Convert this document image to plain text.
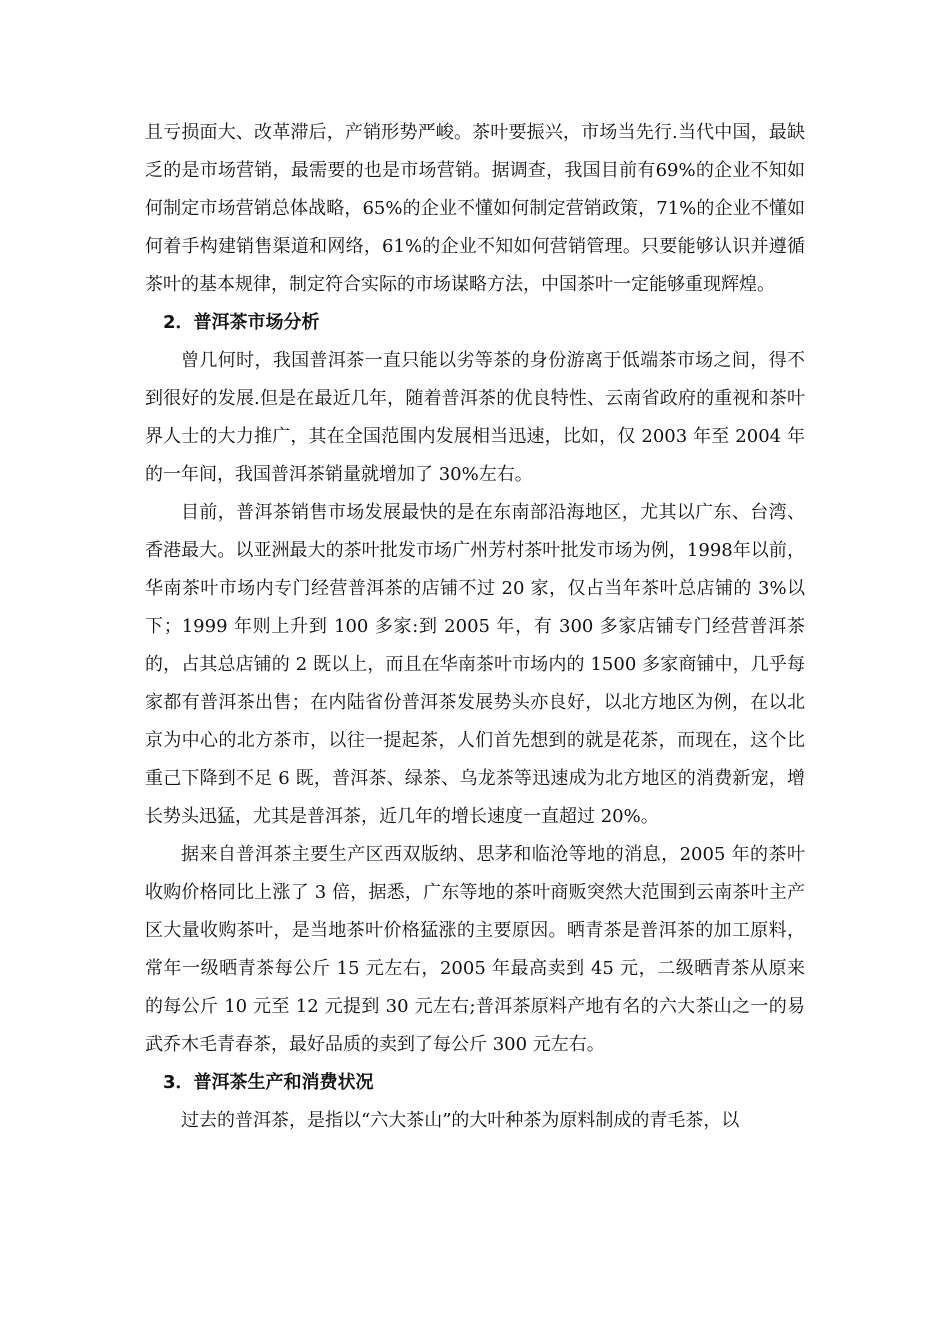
且亏损面大、改革滞后，产销形势严峻。茶叶要振兴，市场当先行.当代中国，最缺乏的是市场营销，最需要的也是市场营销。据调查，我国目前有69%的企业不知如何制定市场营销总体战略，65%的企业不懂如何制定营销政策，71%的企业不懂如何着手构建销售渠道和网络，61%的企业不知如何营销管理。只要能够认识并遵循茶叶的基本规律，制定符合实际的市场谋略方法，中国茶叶一定能够重现辉煌。

2．普洱茶市场分析

曾几何时，我国普洱茶一直只能以劣等茶的身份游离于低端茶市场之间，得不到很好的发展.但是在最近几年，随着普洱茶的优良特性、云南省政府的重视和茶叶界人士的大力推广，其在全国范围内发展相当迅速，比如，仅 2003 年至 2004 年的一年间，我国普洱茶销量就增加了 30%左右。

目前，普洱茶销售市场发展最快的是在东南部沿海地区，尤其以广东、台湾、香港最大。以亚洲最大的茶叶批发市场广州芳村茶叶批发市场为例，1998年以前，华南茶叶市场内专门经营普洱茶的店铺不过 20 家，仅占当年茶叶总店铺的 3%以下；1999 年则上升到 100 多家:到 2005 年，有 300 多家店铺专门经营普洱茶的，占其总店铺的 2 既以上，而且在华南茶叶市场内的 1500 多家商铺中，几乎每家都有普洱茶出售；在内陆省份普洱茶发展势头亦良好，以北方地区为例，在以北京为中心的北方茶市，以往一提起茶，人们首先想到的就是花茶，而现在，这个比重己下降到不足 6 既，普洱茶、绿茶、乌龙茶等迅速成为北方地区的消费新宠，增长势头迅猛，尤其是普洱茶，近几年的增长速度一直超过 20%。

据来自普洱茶主要生产区西双版纳、思茅和临沧等地的消息，2005 年的茶叶收购价格同比上涨了 3 倍，据悉，广东等地的茶叶商贩突然大范围到云南茶叶主产区大量收购茶叶，是当地茶叶价格猛涨的主要原因。晒青茶是普洱茶的加工原料，常年一级晒青茶每公斤 15 元左右，2005 年最高卖到 45 元，二级晒青茶从原来的每公斤 10 元至 12 元提到 30 元左右;普洱茶原料产地有名的六大茶山之一的易武乔木毛青春茶，最好品质的卖到了每公斤 300 元左右。

3．普洱茶生产和消费状况

过去的普洱茶，是指以“六大茶山”的大叶种茶为原料制成的青毛茶，以
